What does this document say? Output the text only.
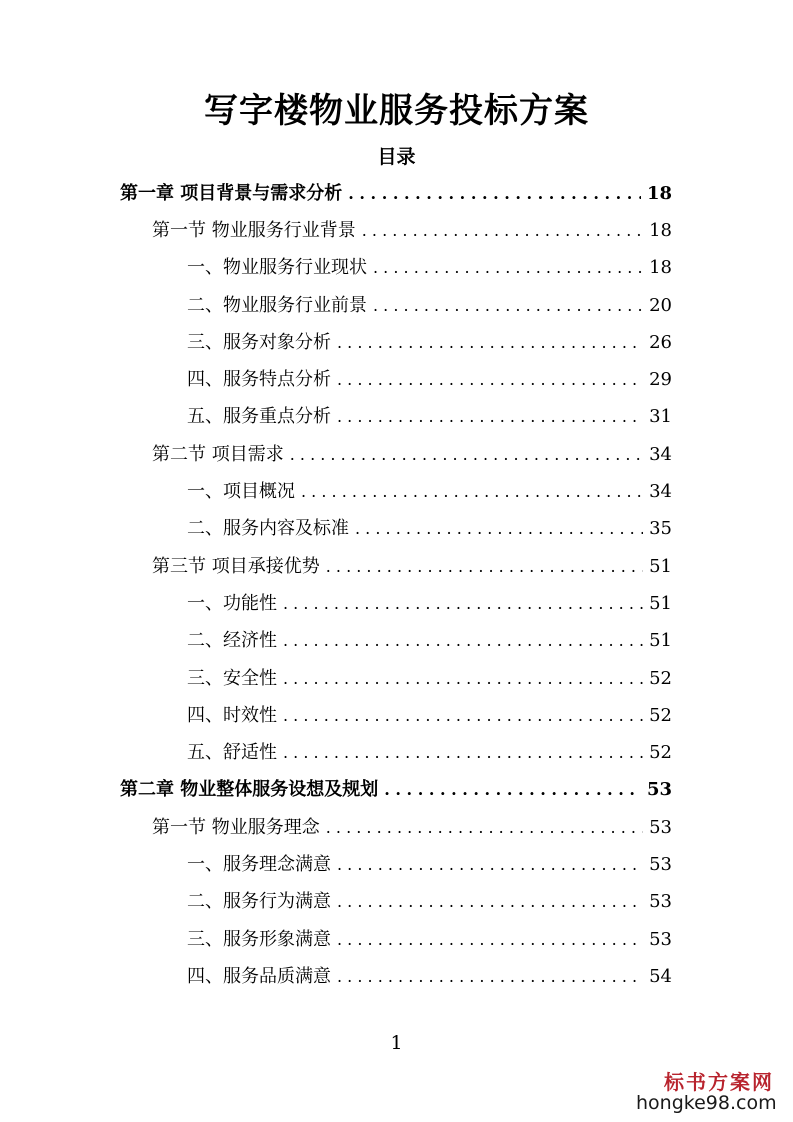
写字楼物业服务投标方案
目录
第一章 项目背景与需求分析 . . .	18
第一节 物业服务行业背景 . . .	18
一、物业服务行业现状 . . .	18
二、物业服务行业前景 . . .	20
三、服务对象分析 . . .	26
四、服务特点分析 . . .	29
五、服务重点分析 . . .	31
第二节 项目需求 . . .	34
一、项目概况 . . .	34
二、服务内容及标准 . . .	35
第三节 项目承接优势 . . .	51
一、功能性 . . .	51
二、经济性 . . .	51
三、安全性 . . .	52
四、时效性 . . .	52
五、舒适性 . . .	52
第二章 物业整体服务设想及规划 . . .	53
第一节 物业服务理念 . . .	53
一、服务理念满意 . . .	53
二、服务行为满意 . . .	53
三、服务形象满意 . . .	53
四、服务品质满意 . . .	54
1
标书方案网
hongke98.com
